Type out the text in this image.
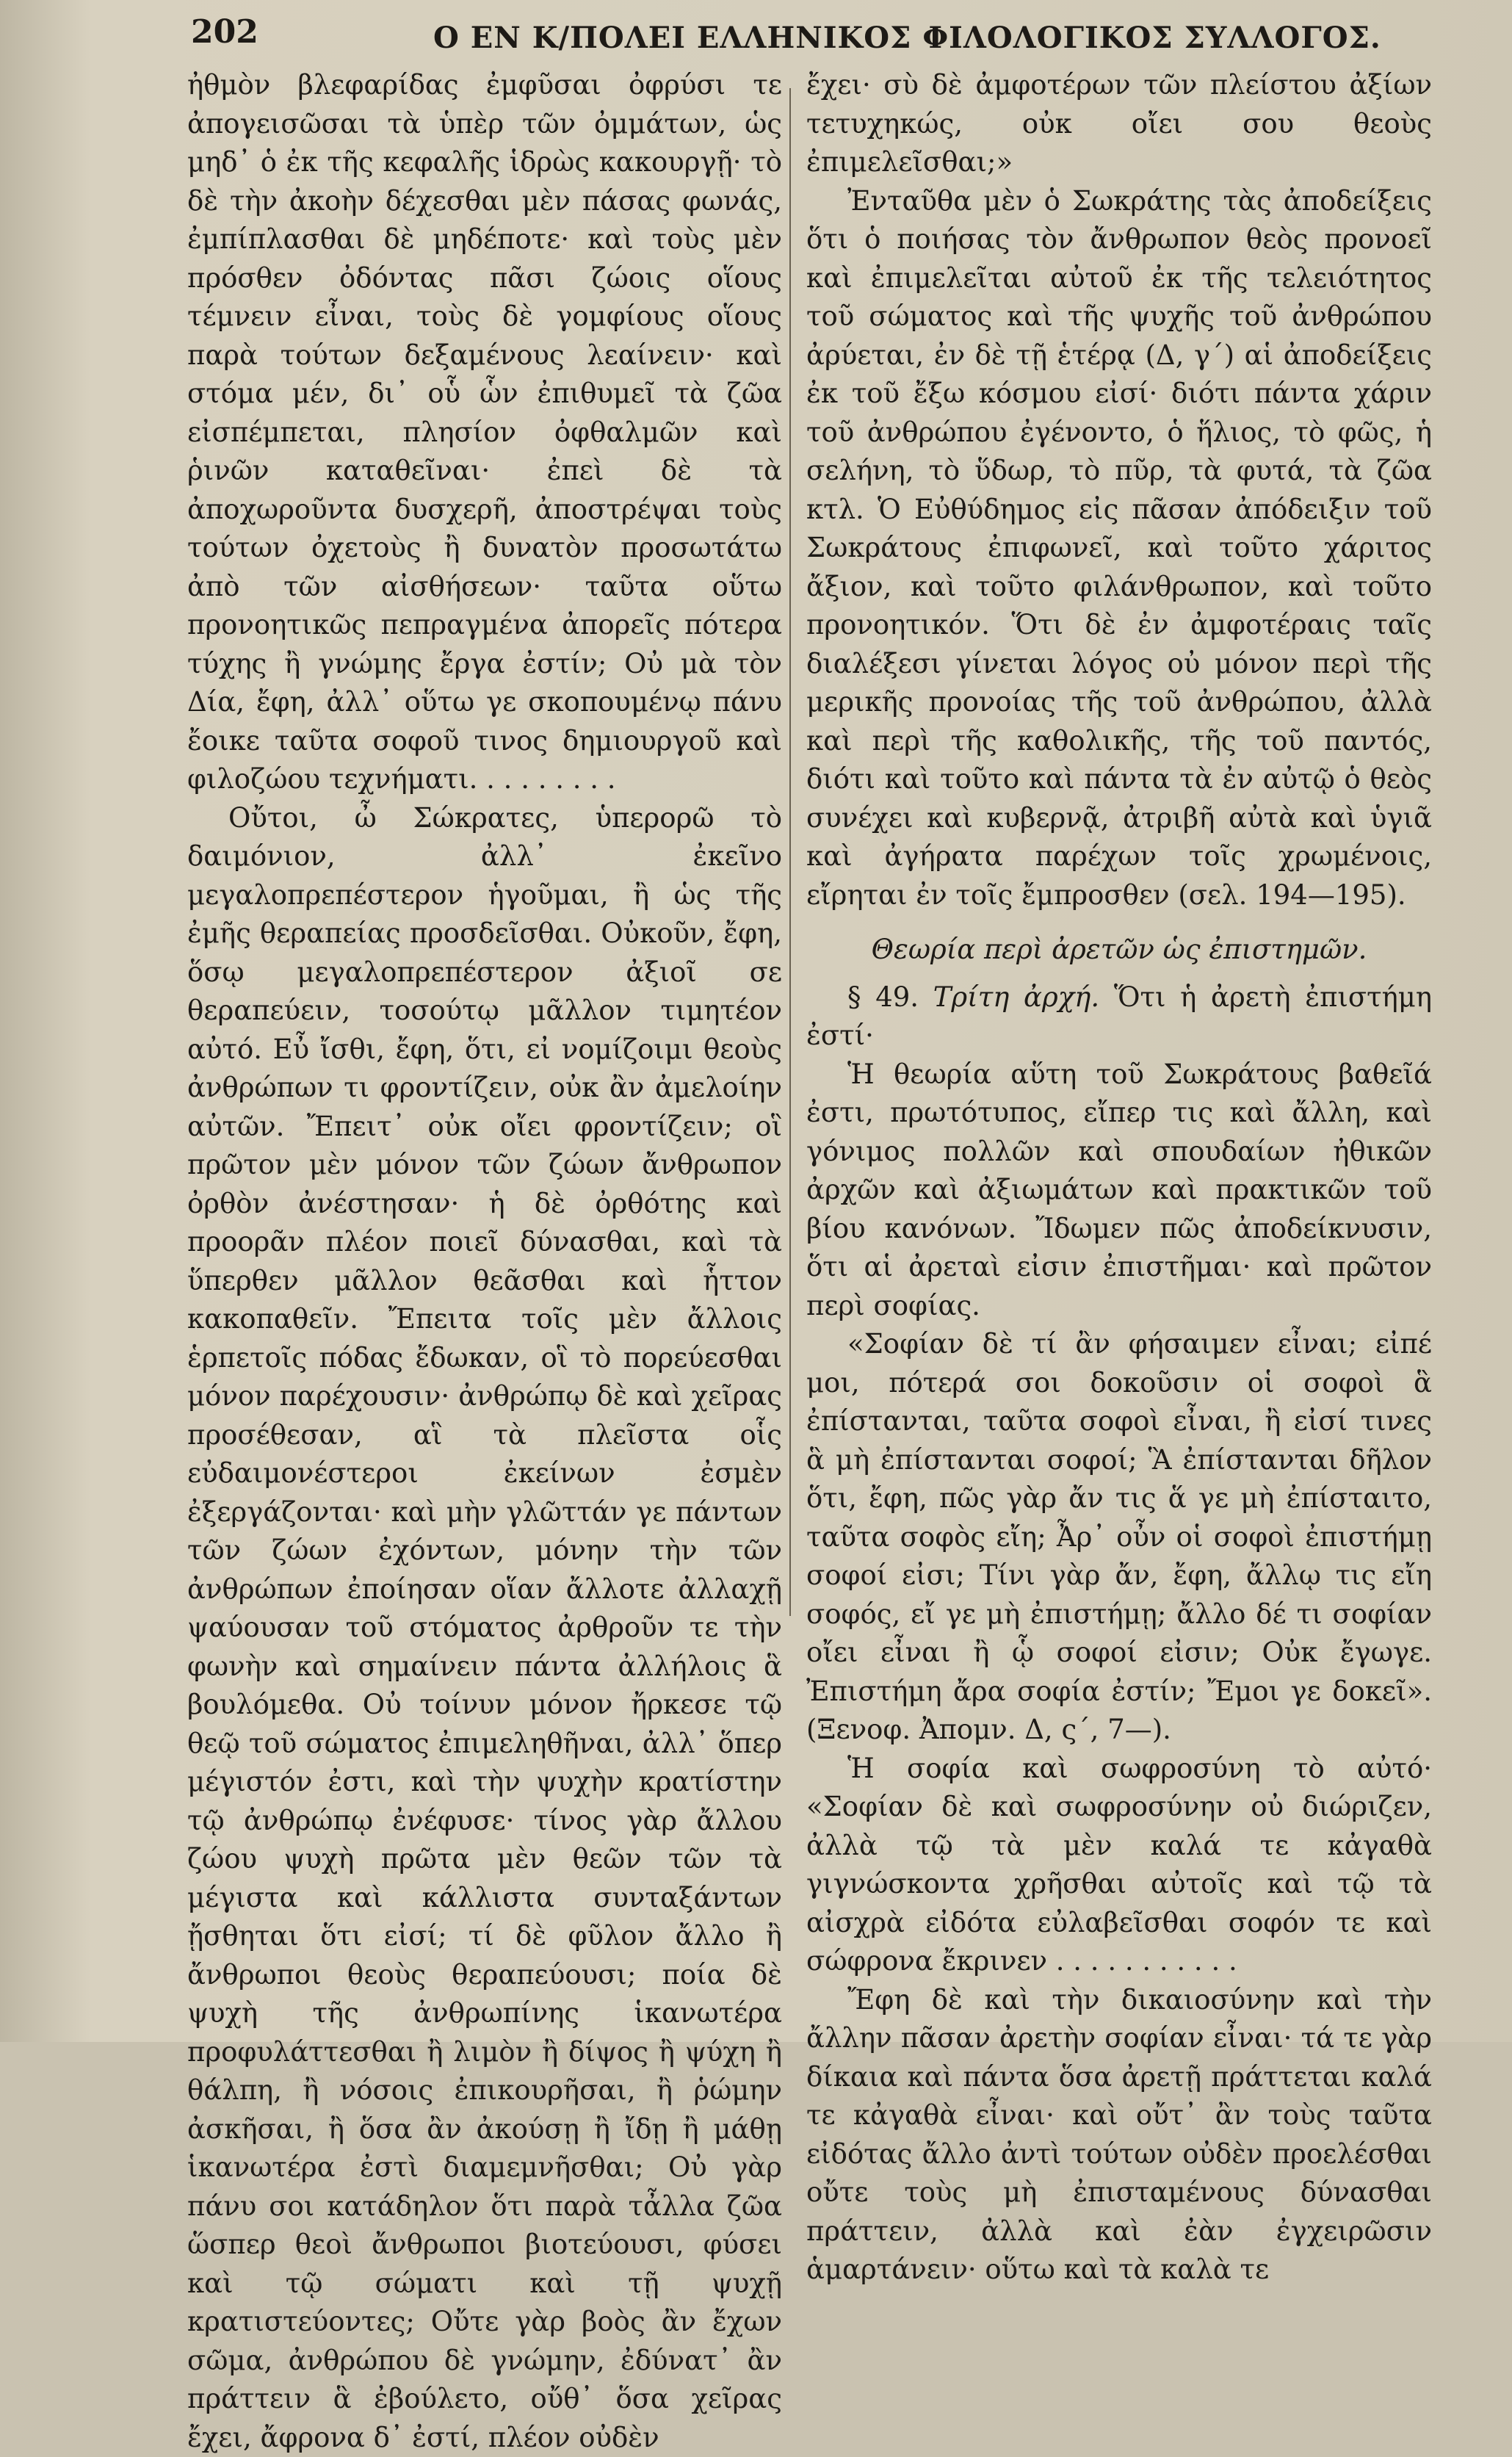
202	Ο ΕΝ Κ/ΠΟΛΕΙ ΕΛΛΗΝΙΚΟΣ ΦΙΛΟΛΟΓΙΚΟΣ ΣΥΛΛΟΓΟΣ.

ἠθμὸν βλεφαρίδας ἐμφῦσαι ὀφρύσι τε ἀπογεισῶσαι τὰ ὑπὲρ τῶν ὀμμάτων, ὡς μηδ᾽ ὁ ἐκ τῆς κεφαλῆς ἱδρὼς κακουργῇ· τὸ δὲ τὴν ἀκοὴν δέχεσθαι μὲν πάσας φωνάς, ἐμπίπλασθαι δὲ μηδέποτε· καὶ τοὺς μὲν πρόσθεν ὀδόντας πᾶσι ζώοις οἵους τέμνειν εἶναι, τοὺς δὲ γομφίους οἵους παρὰ τούτων δεξαμένους λεαίνειν· καὶ στόμα μέν, δι᾽ οὗ ὧν ἐπιθυμεῖ τὰ ζῶα εἰσπέμπεται, πλησίον ὀφθαλμῶν καὶ ῥινῶν καταθεῖναι· ἐπεὶ δὲ τὰ ἀποχωροῦντα δυσχερῆ, ἀποστρέψαι τοὺς τούτων ὀχετοὺς ἢ δυνατὸν προσωτάτω ἀπὸ τῶν αἰσθήσεων· ταῦτα οὕτω προνοητικῶς πεπραγμένα ἀπορεῖς πότερα τύχης ἢ γνώμης ἔργα ἐστίν; Οὐ μὰ τὸν Δία, ἔφη, ἀλλ᾽ οὕτω γε σκοπουμένῳ πάνυ ἔοικε ταῦτα σοφοῦ τινος δημιουργοῦ καὶ φιλοζώου τεχνήματι. . . . . . . . .

Οὔτοι, ὦ Σώκρατες, ὑπερορῶ τὸ δαιμόνιον, ἀλλ᾽ ἐκεῖνο μεγαλοπρεπέστερον ἡγοῦμαι, ἢ ὡς τῆς ἐμῆς θεραπείας προσδεῖσθαι. Οὐκοῦν, ἔφη, ὅσῳ μεγαλοπρεπέστερον ἀξιοῖ σε θεραπεύειν, τοσούτῳ μᾶλλον τιμητέον αὐτό. Εὖ ἴσθι, ἔφη, ὅτι, εἰ νομίζοιμι θεοὺς ἀνθρώπων τι φροντίζειν, οὐκ ἂν ἀμελοίην αὐτῶν. Ἔπειτ᾽ οὐκ οἴει φροντίζειν; οἳ πρῶτον μὲν μόνον τῶν ζώων ἄνθρωπον ὀρθὸν ἀνέστησαν· ἡ δὲ ὀρθότης καὶ προορᾶν πλέον ποιεῖ δύνασθαι, καὶ τὰ ὕπερθεν μᾶλλον θεᾶσθαι καὶ ἧττον κακοπαθεῖν. Ἔπειτα τοῖς μὲν ἄλλοις ἑρπετοῖς πόδας ἔδωκαν, οἳ τὸ πορεύεσθαι μόνον παρέχουσιν· ἀνθρώπῳ δὲ καὶ χεῖρας προσέθεσαν, αἳ τὰ πλεῖστα οἷς εὐδαιμονέστεροι ἐκείνων ἐσμὲν ἐξεργάζονται· καὶ μὴν γλῶττάν γε πάντων τῶν ζώων ἐχόντων, μόνην τὴν τῶν ἀνθρώπων ἐποίησαν οἵαν ἄλλοτε ἀλλαχῇ ψαύουσαν τοῦ στόματος ἀρθροῦν τε τὴν φωνὴν καὶ σημαίνειν πάντα ἀλλήλοις ἃ βουλόμεθα. Οὐ τοίνυν μόνον ἤρκεσε τῷ θεῷ τοῦ σώματος ἐπιμεληθῆναι, ἀλλ᾽ ὅπερ μέγιστόν ἐστι, καὶ τὴν ψυχὴν κρατίστην τῷ ἀνθρώπῳ ἐνέφυσε· τίνος γὰρ ἄλλου ζώου ψυχὴ πρῶτα μὲν θεῶν τῶν τὰ μέγιστα καὶ κάλλιστα συνταξάντων ᾔσθηται ὅτι εἰσί; τί δὲ φῦλον ἄλλο ἢ ἄνθρωποι θεοὺς θεραπεύουσι; ποία δὲ ψυχὴ τῆς ἀνθρωπίνης ἱκανωτέρα προφυλάττεσθαι ἢ λιμὸν ἢ δίψος ἢ ψύχη ἢ θάλπη, ἢ νόσοις ἐπικουρῆσαι, ἢ ῥώμην ἀσκῆσαι, ἢ ὅσα ἂν ἀκούσῃ ἢ ἴδῃ ἢ μάθῃ ἱκανωτέρα ἐστὶ διαμεμνῆσθαι; Οὐ γὰρ πάνυ σοι κατάδηλον ὅτι παρὰ τἆλλα ζῶα ὥσπερ θεοὶ ἄνθρωποι βιοτεύουσι, φύσει καὶ τῷ σώματι καὶ τῇ ψυχῇ κρατιστεύοντες; Οὔτε γὰρ βοὸς ἂν ἔχων σῶμα, ἀνθρώπου δὲ γνώμην, ἐδύνατ᾽ ἂν πράττειν ἃ ἐβούλετο, οὔθ᾽ ὅσα χεῖρας ἔχει, ἄφρονα δ᾽ ἐστί, πλέον οὐδὲν

ἔχει· σὺ δὲ ἀμφοτέρων τῶν πλείστου ἀξίων τετυχηκώς, οὐκ οἴει σου θεοὺς ἐπιμελεῖσθαι;»

Ἐνταῦθα μὲν ὁ Σωκράτης τὰς ἀποδείξεις ὅτι ὁ ποιήσας τὸν ἄνθρωπον θεὸς προνοεῖ καὶ ἐπιμελεῖται αὐτοῦ ἐκ τῆς τελειότητος τοῦ σώματος καὶ τῆς ψυχῆς τοῦ ἀνθρώπου ἀρύεται, ἐν δὲ τῇ ἑτέρᾳ (Δ, γ΄) αἱ ἀποδείξεις ἐκ τοῦ ἔξω κόσμου εἰσί· διότι πάντα χάριν τοῦ ἀνθρώπου ἐγένοντο, ὁ ἥλιος, τὸ φῶς, ἡ σελήνη, τὸ ὕδωρ, τὸ πῦρ, τὰ φυτά, τὰ ζῶα κτλ. Ὁ Εὐθύδημος εἰς πᾶσαν ἀπόδειξιν τοῦ Σωκράτους ἐπιφωνεῖ, καὶ τοῦτο χάριτος ἄξιον, καὶ τοῦτο φιλάνθρωπον, καὶ τοῦτο προνοητικόν. Ὅτι δὲ ἐν ἀμφοτέραις ταῖς διαλέξεσι γίνεται λόγος οὐ μόνον περὶ τῆς μερικῆς προνοίας τῆς τοῦ ἀνθρώπου, ἀλλὰ καὶ περὶ τῆς καθολικῆς, τῆς τοῦ παντός, διότι καὶ τοῦτο καὶ πάντα τὰ ἐν αὐτῷ ὁ θεὸς συνέχει καὶ κυβερνᾷ, ἀτριβῆ αὐτὰ καὶ ὑγιᾶ καὶ ἀγήρατα παρέχων τοῖς χρωμένοις, εἴρηται ἐν τοῖς ἔμπροσθεν (σελ. 194—195).

Θεωρία περὶ ἀρετῶν ὡς ἐπιστημῶν.

§ 49. Τρίτη ἀρχή. Ὅτι ἡ ἀρετὴ ἐπιστήμη ἐστί·

Ἡ θεωρία αὕτη τοῦ Σωκράτους βαθεῖά ἐστι, πρωτότυπος, εἴπερ τις καὶ ἄλλη, καὶ γόνιμος πολλῶν καὶ σπουδαίων ἠθικῶν ἀρχῶν καὶ ἀξιωμάτων καὶ πρακτικῶν τοῦ βίου κανόνων. Ἴδωμεν πῶς ἀποδείκνυσιν, ὅτι αἱ ἀρεταὶ εἰσιν ἐπιστῆμαι· καὶ πρῶτον περὶ σοφίας.

«Σοφίαν δὲ τί ἂν φήσαιμεν εἶναι; εἰπέ μοι, πότερά σοι δοκοῦσιν οἱ σοφοὶ ἃ ἐπίστανται, ταῦτα σοφοὶ εἶναι, ἢ εἰσί τινες ἃ μὴ ἐπίστανται σοφοί; Ἃ ἐπίστανται δῆλον ὅτι, ἔφη, πῶς γὰρ ἄν τις ἅ γε μὴ ἐπίσταιτο, ταῦτα σοφὸς εἴη; Ἆρ᾽ οὖν οἱ σοφοὶ ἐπιστήμῃ σοφοί εἰσι; Τίνι γὰρ ἄν, ἔφη, ἄλλῳ τις εἴη σοφός, εἴ γε μὴ ἐπιστήμῃ; ἄλλο δέ τι σοφίαν οἴει εἶναι ἢ ᾧ σοφοί εἰσιν; Οὐκ ἔγωγε. Ἐπιστήμη ἄρα σοφία ἐστίν; Ἔμοι γε δοκεῖ». (Ξενοφ. Ἀπομν. Δ, ς΄, 7—).

Ἡ σοφία καὶ σωφροσύνη τὸ αὐτό· «Σοφίαν δὲ καὶ σωφροσύνην οὐ διώριζεν, ἀλλὰ τῷ τὰ μὲν καλά τε κἀγαθὰ γιγνώσκοντα χρῆσθαι αὐτοῖς καὶ τῷ τὰ αἰσχρὰ εἰδότα εὐλαβεῖσθαι σοφόν τε καὶ σώφρονα ἔκρινεν . . . . . . . . . . .

Ἔφη δὲ καὶ τὴν δικαιοσύνην καὶ τὴν ἄλλην πᾶσαν ἀρετὴν σοφίαν εἶναι· τά τε γὰρ δίκαια καὶ πάντα ὅσα ἀρετῇ πράττεται καλά τε κἀγαθὰ εἶναι· καὶ οὔτ᾽ ἂν τοὺς ταῦτα εἰδότας ἄλλο ἀντὶ τούτων οὐδὲν προελέσθαι οὔτε τοὺς μὴ ἐπισταμένους δύνασθαι πράττειν, ἀλλὰ καὶ ἐὰν ἐγχειρῶσιν ἁμαρτάνειν· οὕτω καὶ τὰ καλὰ τε
